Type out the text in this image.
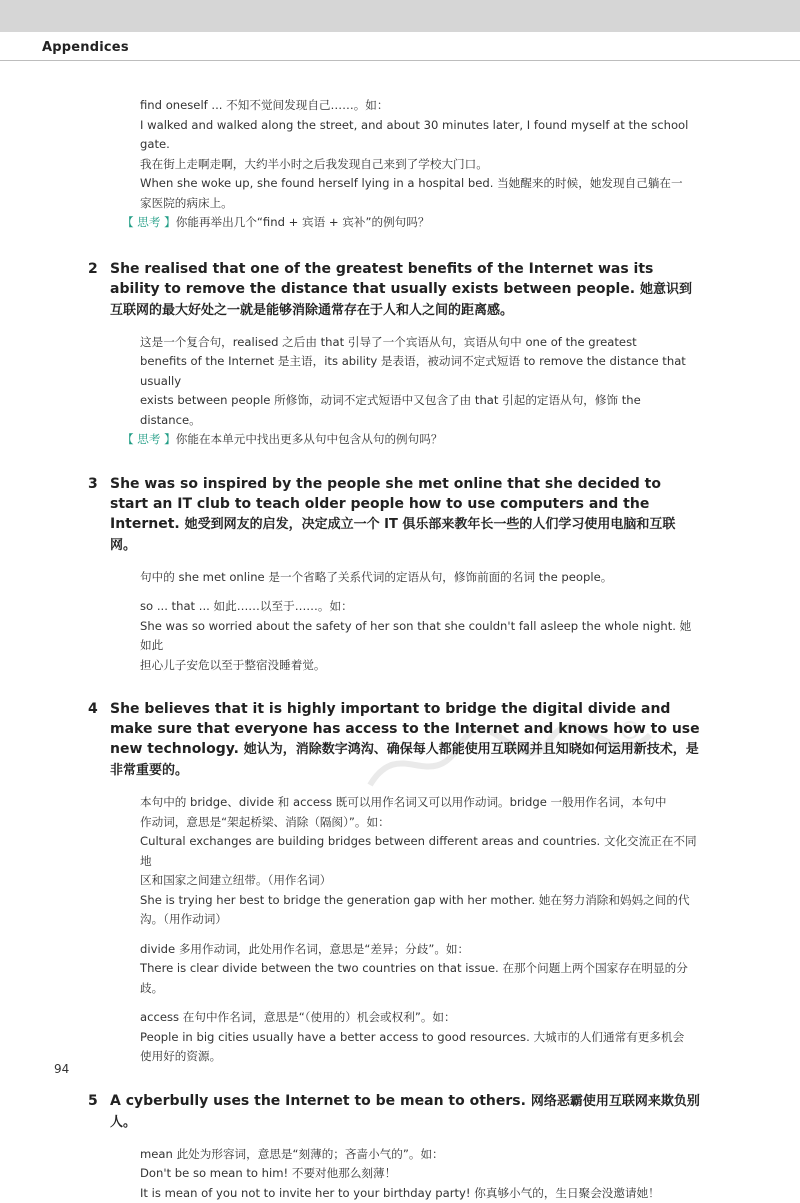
Appendices

find oneself ... 不知不觉间发现自己……。如：

I walked and walked along the street, and about 30 minutes later, I found myself at the school gate.

我在街上走啊走啊，大约半小时之后我发现自己来到了学校大门口。

When she woke up, she found herself lying in a hospital bed. 当她醒来的时候，她发现自己躺在一

家医院的病床上。

【 思考 】你能再举出几个“find + 宾语 + 宾补”的例句吗？

2 She realised that one of the greatest benefits of the Internet was its ability to remove the distance that usually exists between people. 她意识到互联网的最大好处之一就是能够消除通常存在于人和人之间的距离感。

这是一个复合句，realised 之后由 that 引导了一个宾语从句，宾语从句中 one of the greatest

benefits of the Internet 是主语，its ability 是表语，被动词不定式短语 to remove the distance that usually

exists between people 所修饰，动词不定式短语中又包含了由 that 引起的定语从句，修饰 the distance。

【 思考 】你能在本单元中找出更多从句中包含从句的例句吗？

3 She was so inspired by the people she met online that she decided to start an IT club to teach older people how to use computers and the Internet. 她受到网友的启发，决定成立一个 IT 俱乐部来教年长一些的人们学习使用电脑和互联网。

句中的 she met online 是一个省略了关系代词的定语从句，修饰前面的名词 the people。

so ... that ... 如此……以至于……。如：

She was so worried about the safety of her son that she couldn't fall asleep the whole night. 她如此

担心儿子安危以至于整宿没睡着觉。

4 She believes that it is highly important to bridge the digital divide and make sure that everyone has access to the Internet and knows how to use new technology. 她认为，消除数字鸿沟、确保每人都能使用互联网并且知晓如何运用新技术，是非常重要的。

本句中的 bridge、divide 和 access 既可以用作名词又可以用作动词。bridge 一般用作名词，本句中

作动词，意思是“架起桥梁、消除（隔阂）”。如：

Cultural exchanges are building bridges between different areas and countries. 文化交流正在不同地

区和国家之间建立纽带。（用作名词）

She is trying her best to bridge the generation gap with her mother. 她在努力消除和妈妈之间的代

沟。（用作动词）

divide 多用作动词，此处用作名词，意思是“差异；分歧”。如：

There is clear divide between the two countries on that issue. 在那个问题上两个国家存在明显的分歧。

access 在句中作名词，意思是“（使用的）机会或权利”。如：

People in big cities usually have a better access to good resources. 大城市的人们通常有更多机会

使用好的资源。

5 A cyberbully uses the Internet to be mean to others. 网络恶霸使用互联网来欺负别人。

mean 此处为形容词，意思是“刻薄的；吝啬小气的”。如：

Don't be so mean to him! 不要对他那么刻薄！

It is mean of you not to invite her to your birthday party! 你真够小气的，生日聚会没邀请她！

94
